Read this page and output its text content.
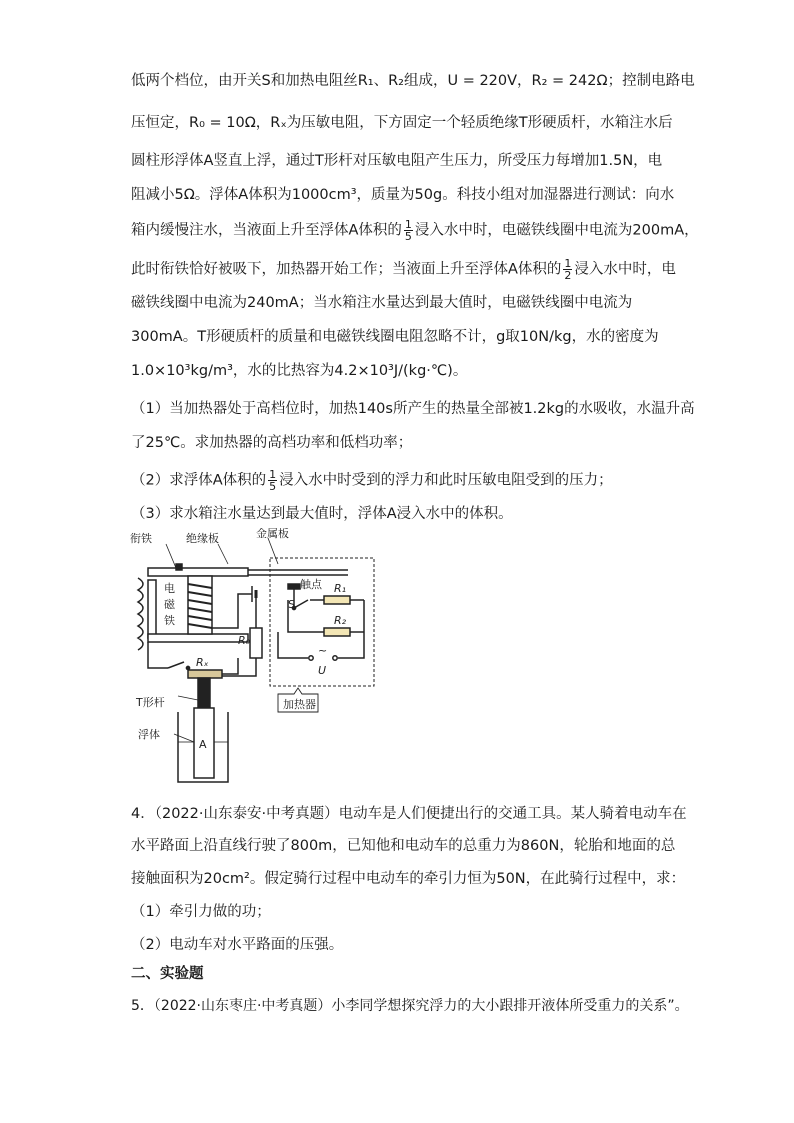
低两个档位，由开关S和加热电阻丝R₁、R₂组成，U = 220V，R₂ = 242Ω；控制电路电
压恒定，R₀ = 10Ω，Rₓ为压敏电阻，下方固定一个轻质绝缘T形硬质杆，水箱注水后
圆柱形浮体A竖直上浮，通过T形杆对压敏电阻产生压力，所受压力每增加1.5N，电
阻减小5Ω。浮体A体积为1000cm³，质量为50g。科技小组对加湿器进行测试：向水
箱内缓慢注水，当液面上升至浮体A体积的 $\frac{1}{5}$ 浸入水中时，电磁铁线圈中电流为200mA，
此时衔铁恰好被吸下，加热器开始工作；当液面上升至浮体A体积的 $\frac{1}{2}$ 浸入水中时，电
磁铁线圈中电流为240mA；当水箱注水量达到最大值时，电磁铁线圈中电流为
300mA。T形硬质杆的质量和电磁铁线圈电阻忽略不计，g取10N/kg，水的密度为
1.0×10³kg/m³，水的比热容为4.2×10³J/(kg·℃)。
（1）当加热器处于高档位时，加热140s所产生的热量全部被1.2kg的水吸收，水温升高
了25℃。求加热器的高档功率和低档功率；
（2）求浮体A体积的 $\frac{1}{5}$ 浸入水中时受到的浮力和此时压敏电阻受到的压力；
（3）求水箱注水量达到最大值时，浮体A浸入水中的体积。
衔铁	绝缘板	金属板
触点
S
R₁
R₂
R₀
Rₓ
~
U
电
磁
铁
T形杆
浮体
A
加热器
4．（2022·山东泰安·中考真题）电动车是人们便捷出行的交通工具。某人骑着电动车在
水平路面上沿直线行驶了800m，已知他和电动车的总重力为860N，轮胎和地面的总
接触面积为20cm²。假定骑行过程中电动车的牵引力恒为50N，在此骑行过程中，求：
（1）牵引力做的功；
（2）电动车对水平路面的压强。
二、实验题
5．（2022·山东枣庄·中考真题）小李同学想探究浮力的大小跟排开液体所受重力的关系”。
